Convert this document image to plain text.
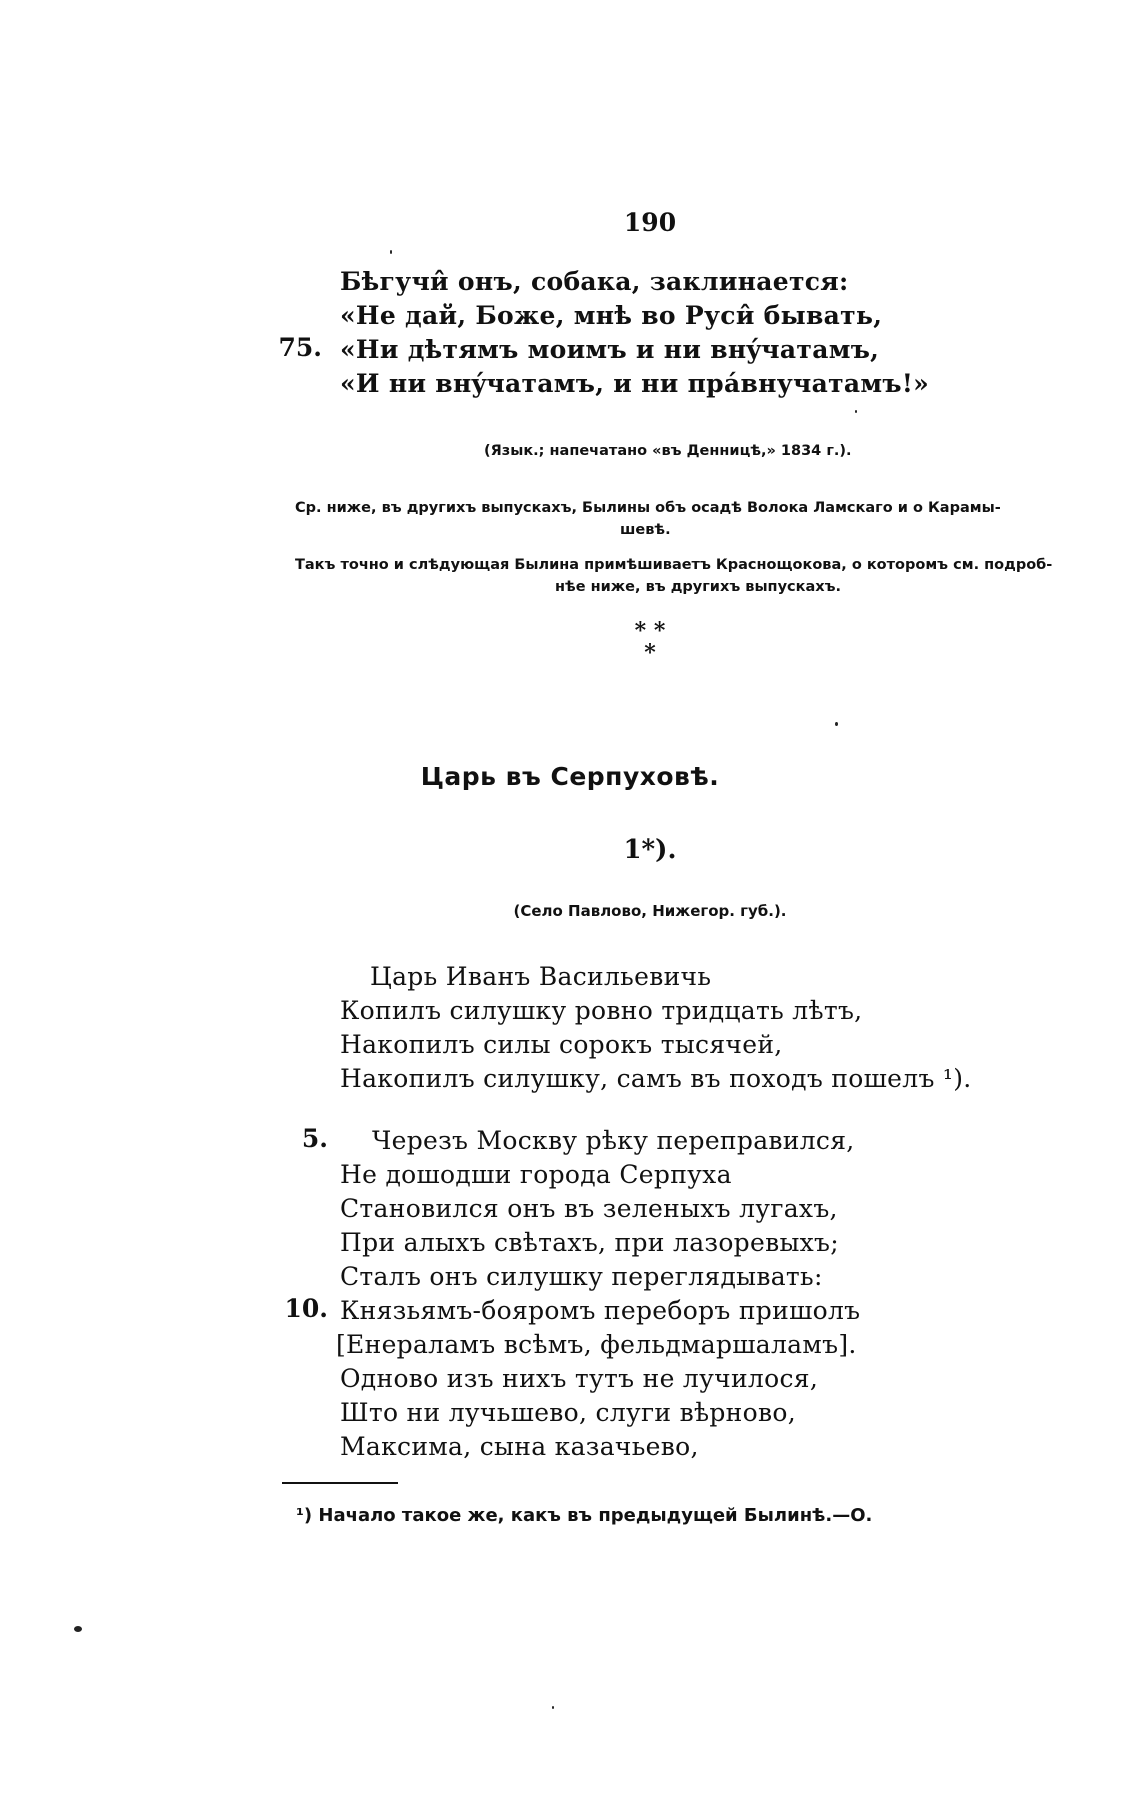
190
Бѣгучи̂ онъ, собака, заклинается:
«Не дай, Боже, мнѣ во Руси̂ бывать,
75. «Ни дѣтямъ моимъ и ни внýчатамъ,
«И ни внýчатамъ, и ни прáвнучатамъ!»
(Язык.; напечатано «въ Денницѣ,» 1834 г.).
Ср. ниже, въ другихъ выпускахъ, Былины объ осадѣ Волока Ламскаго и о Карамы-
шевѣ.
Такъ точно и слѣдующая Былина примѣшиваетъ Краснощокова, о которомъ см. подроб-
нѣе ниже, въ другихъ выпускахъ.
* *
*
Царь въ Серпуховѣ.
1*).
(Село Павлово, Нижегор. губ.).
Царь Иванъ Васильевичь
Копилъ силушку ровно тридцать лѣтъ,
Накопилъ силы сорокъ тысячей,
Накопилъ силушку, самъ въ походъ пошелъ ¹).
5. Черезъ Москву рѣку переправился,
Не дошодши города Серпуха
Становился онъ въ зеленыхъ лугахъ,
При алыхъ свѣтахъ, при лазоревыхъ;
Сталъ онъ силушку переглядывать:
10. Князьямъ-бояромъ переборъ пришолъ
[Енераламъ всѣмъ, фельдмаршаламъ].
Одново изъ нихъ тутъ не лучилося,
Што ни лучьшево, слуги вѣрново,
Максима, сына казачьево,
¹) Начало такое же, какъ въ предыдущей Былинѣ.—О.
